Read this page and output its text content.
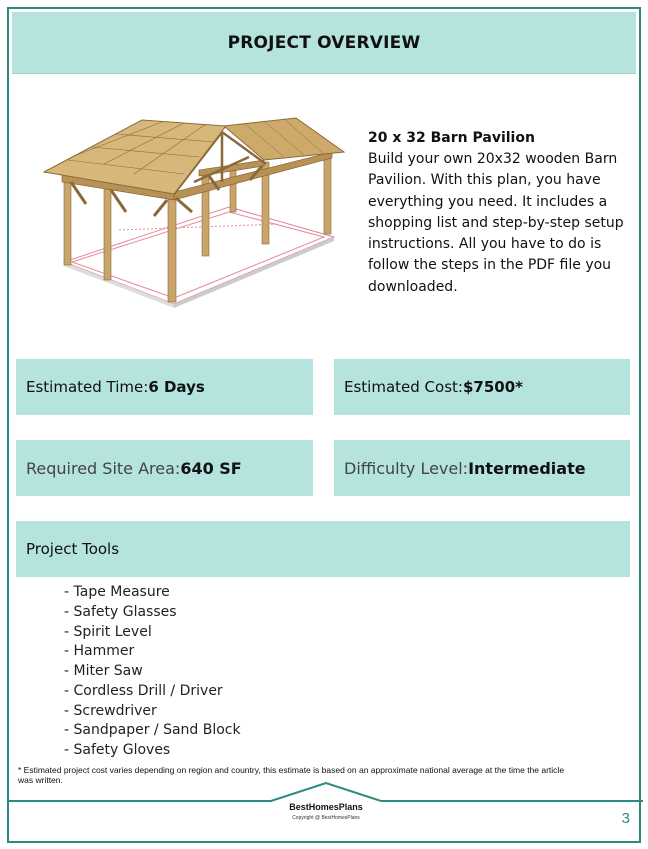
PROJECT OVERVIEW
20 x 32 Barn Pavilion
Build your own 20x32 wooden Barn Pavilion. With this plan, you have everything you need. It includes a shopping list and step-by-step setup instructions. All you have to do is follow the steps in the PDF file you downloaded.
Estimated Time: 6 Days	Estimated Cost: $7500*
Required Site Area: 640 SF	Difficulty Level: Intermediate
Project Tools
- Tape Measure
- Safety Glasses
- Spirit Level
- Hammer
- Miter Saw
- Cordless Drill / Driver
- Screwdriver
- Sandpaper / Sand Block
- Safety Gloves
* Estimated project cost varies depending on region and country, this estimate is based on an approximate national average at the time the article was written.
BestHomesPlans
Copyright @ BestHomesPlans	3
